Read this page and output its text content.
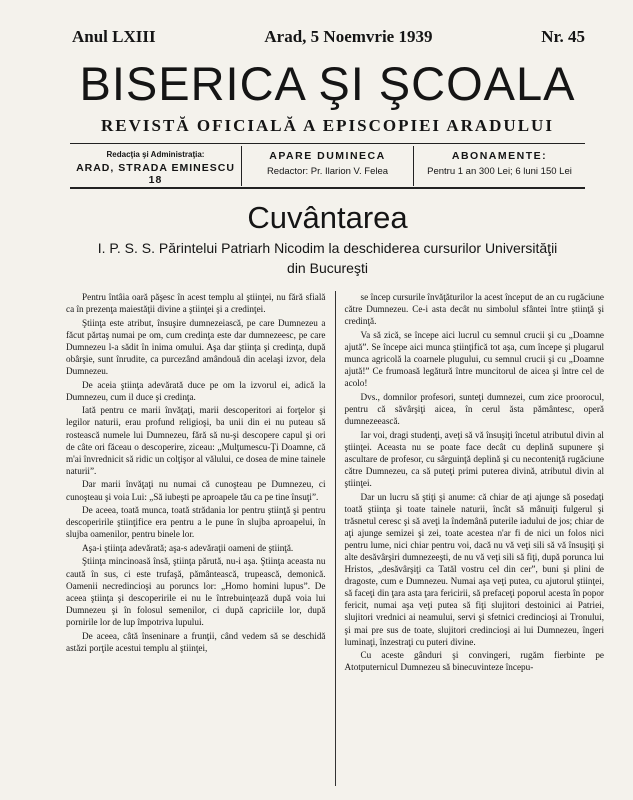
Anul LXIII	Arad, 5 Noemvrie 1939	Nr. 45
BISERICA ŞI ŞCOALA
REVISTĂ OFICIALĂ A EPISCOPIEI ARADULUI
Redacţia şi Administraţia:
ARAD, STRADA EMINESCU 18
APARE DUMINECA
Redactor: Pr. Ilarion V. Felea
ABONAMENTE:
Pentru 1 an 300 Lei; 6 luni 150 Lei
Cuvântarea
I. P. S. S. Părintelui Patriarh Nicodim la deschiderea cursurilor Universităţii din Bucureşti

Pentru întâia oară păşesc în acest templu al ştiinţei, nu fără sfială ca în prezenţa maiestăţii divine a ştiinţei şi a credinţei.

Ştiinţa este atribut, însuşire dumnezeiască, pe care Dumnezeu a făcut părtaş numai pe om, cum credinţa este dar dumnezeesc, pe care Dumnezeu l-a sădit în inima omului. Aşa dar ştiinţa şi credinţa, după obârşie, sunt înrudite, ca purcezând amândouă din acelaşi izvor, dela Dumnezeu.

De aceia ştiinţa adevărată duce pe om la izvorul ei, adică la Dumnezeu, cum il duce şi credinţa.

Iată pentru ce marii învăţaţi, marii descoperitori ai forţelor şi legilor naturii, erau profund religioşi, ba unii din ei nu puteau să rostească numele lui Dumnezeu, fără să nu-şi descopere capul şi ori de câte ori făceau o descoperire, ziceau: „Mulţumescu-Ţi Doamne, că m'ai învrednicit să ridic un colţişor al vălului, ce dosea de mine tainele naturii”.

Dar marii învăţaţi nu numai că cunoşteau pe Dumnezeu, ci cunoşteau şi voia Lui: „Să iubeşti pe aproapele tău ca pe tine însuţi”.

De aceea, toată munca, toată strădania lor pentru ştiinţă şi pentru descoperirile ştiinţifice era pentru a le pune în slujba aproapelui, în slujba oamenilor, pentru binele lor.

Aşa-i ştiinţa adevărată; aşa-s adevăraţii oameni de ştiinţă.

Ştiinţa mincinoasă însă, ştiinţa părută, nu-i aşa. Ştiinţa aceasta nu caută în sus, ci este trufaşă, pământească, trupească, demonică. Oamenii necredincioşi au poruncs lor: „Homo homini lupus”. De aceea ştiinţa şi descoperirile ei nu le întrebuinţează după voia lui Dumnezeu şi în folosul semenilor, ci după capriciile lor, după pornirile lor de lup împotriva lupului.

De aceea, câtă înseninare a frunţii, când vedem să se deschidă astăzi porţile acestui templu al ştiinţei,

se încep cursurile învăţăturilor la acest început de an cu rugăciune către Dumnezeu. Ce-i asta decât nu simbolul sfântei între ştiinţă şi credinţă.

Va să zică, se începe aici lucrul cu semnul crucii şi cu „Doamne ajută”. Se începe aici munca ştiinţifică tot aşa, cum începe şi plugarul munca agricolă la coarnele plugului, cu semnul crucii şi cu „Doamne ajută!” Ce frumoasă legătură între muncitorul de aicea şi între cel de acolo!

Dvs., domnilor profesori, sunteţi dumnezei, cum zice proorocul, pentru că săvârşiţi aicea, în cerul ăsta pământesc, operă dumnezeească.

Iar voi, dragi studenţi, aveţi să vă însuşiţi încetul atributul divin al ştiinţei. Aceasta nu se poate face decât cu deplină supunere şi ascultare de profesor, cu sârguinţă deplină şi cu neconteniţă rugăciune către Dumnezeu, ca să puteţi primi puterea divină, atributul divin al ştiinţei.

Dar un lucru să ştiţi şi anume: că chiar de aţi ajunge să posedaţi toată ştiinţa şi toate tainele naturii, încât să mânuiţi fulgerul şi trăsnetul ceresc şi să aveţi la îndemână puterile iadului de jos; chiar de aţi ajunge semizei şi zei, toate acestea n'ar fi de nici un folos nici pentru lume, nici chiar pentru voi, dacă nu vă veţi sili să vă însuşiţi şi alte desăvârşiri dumnezeeşti, de nu vă veţi sili să fiţi, după porunca lui Hristos, „desăvârşiţi ca Tatăl vostru cel din cer”, buni şi plini de dragoste, cum e Dumnezeu. Numai aşa veţi putea, cu ajutorul ştiinţei, să faceţi din ţara asta ţara fericirii, să prefaceţi poporul acesta în popor fericit, numai aşa veţi putea să fiţi slujitori destoinici ai Patriei, slujitori vrednici ai neamului, servi şi sfetnici credincioşi ai Tronului, şi mai pre sus de toate, slujitori credincioşi ai lui Dumnezeu, îngeri luminaţi, înzestraţi cu puteri divine.

Cu aceste gânduri şi convingeri, rugăm fierbinte pe Atotputernicul Dumnezeu să binecuvinteze începu-
